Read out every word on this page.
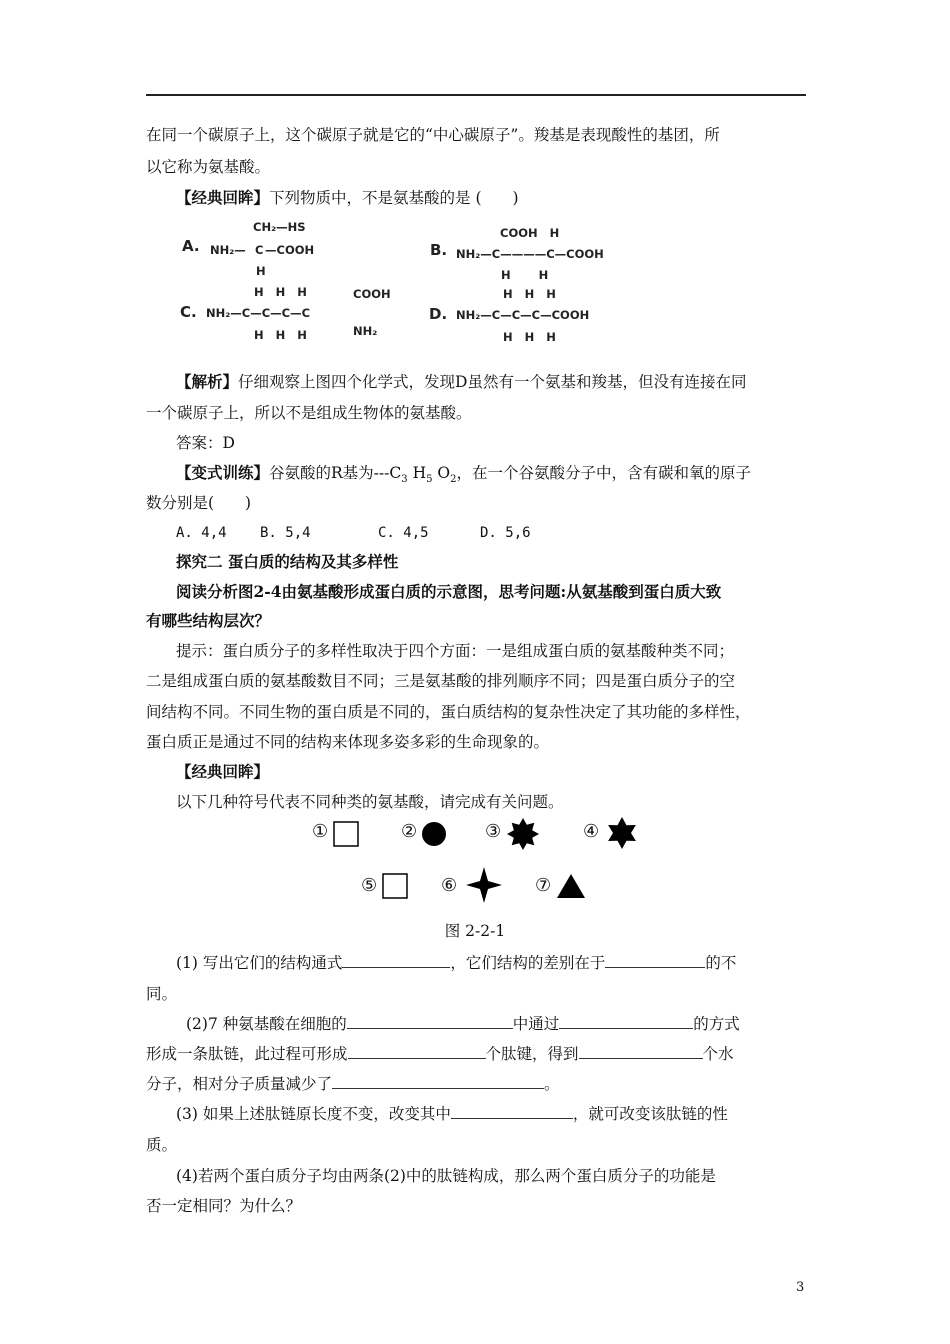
在同一个碳原子上，这个碳原子就是它的“中心碳原子”。羧基是表现酸性的基团，所
以它称为氨基酸。
【经典回眸】下列物质中，不是氨基酸的是 (　　)
A.
CH₂—HS
NH₂— C —COOH
H
B.
COOH   H
NH₂—C————C—COOH
H       H
C.
H   H   H
NH₂—C—C—C—C
H   H   H
COOH
NH₂
D.
H   H   H
NH₂—C—C—C—COOH
H   H   H
【解析】仔细观察上图四个化学式，发现D虽然有一个氨基和羧基，但没有连接在同
一个碳原子上，所以不是组成生物体的氨基酸。
答案：D
【变式训练】谷氨酸的R基为$---C_3$ $H_5$ $O_2$，在一个谷氨酸分子中，含有碳和氧的原子
数分别是(　　)
A. 4,4 B. 5,4	C. 4,5	D. 5,6
探究二 蛋白质的结构及其多样性
阅读分析图2-4由氨基酸形成蛋白质的示意图，思考问题:从氨基酸到蛋白质大致
有哪些结构层次？
提示：蛋白质分子的多样性取决于四个方面：一是组成蛋白质的氨基酸种类不同；
二是组成蛋白质的氨基酸数目不同；三是氨基酸的排列顺序不同；四是蛋白质分子的空
间结构不同。不同生物的蛋白质是不同的，蛋白质结构的复杂性决定了其功能的多样性，
蛋白质正是通过不同的结构来体现多姿多彩的生命现象的。
【经典回眸】
以下几种符号代表不同种类的氨基酸，请完成有关问题。
①	②	③	④
⑤	⑥	⑦
图 2-2-1
(1) 写出它们的结构通式	，它们结构的差别在于	的不
同。
(2)7 种氨基酸在细胞的	中通过	的方式
形成一条肽链，此过程可形成	个肽键，得到	个水
分子，相对分子质量减少了	。
(3) 如果上述肽链原长度不变，改变其中	，就可改变该肽链的性
质。
(4)若两个蛋白质分子均由两条(2)中的肽链构成，那么两个蛋白质分子的功能是
否一定相同？为什么？
3
